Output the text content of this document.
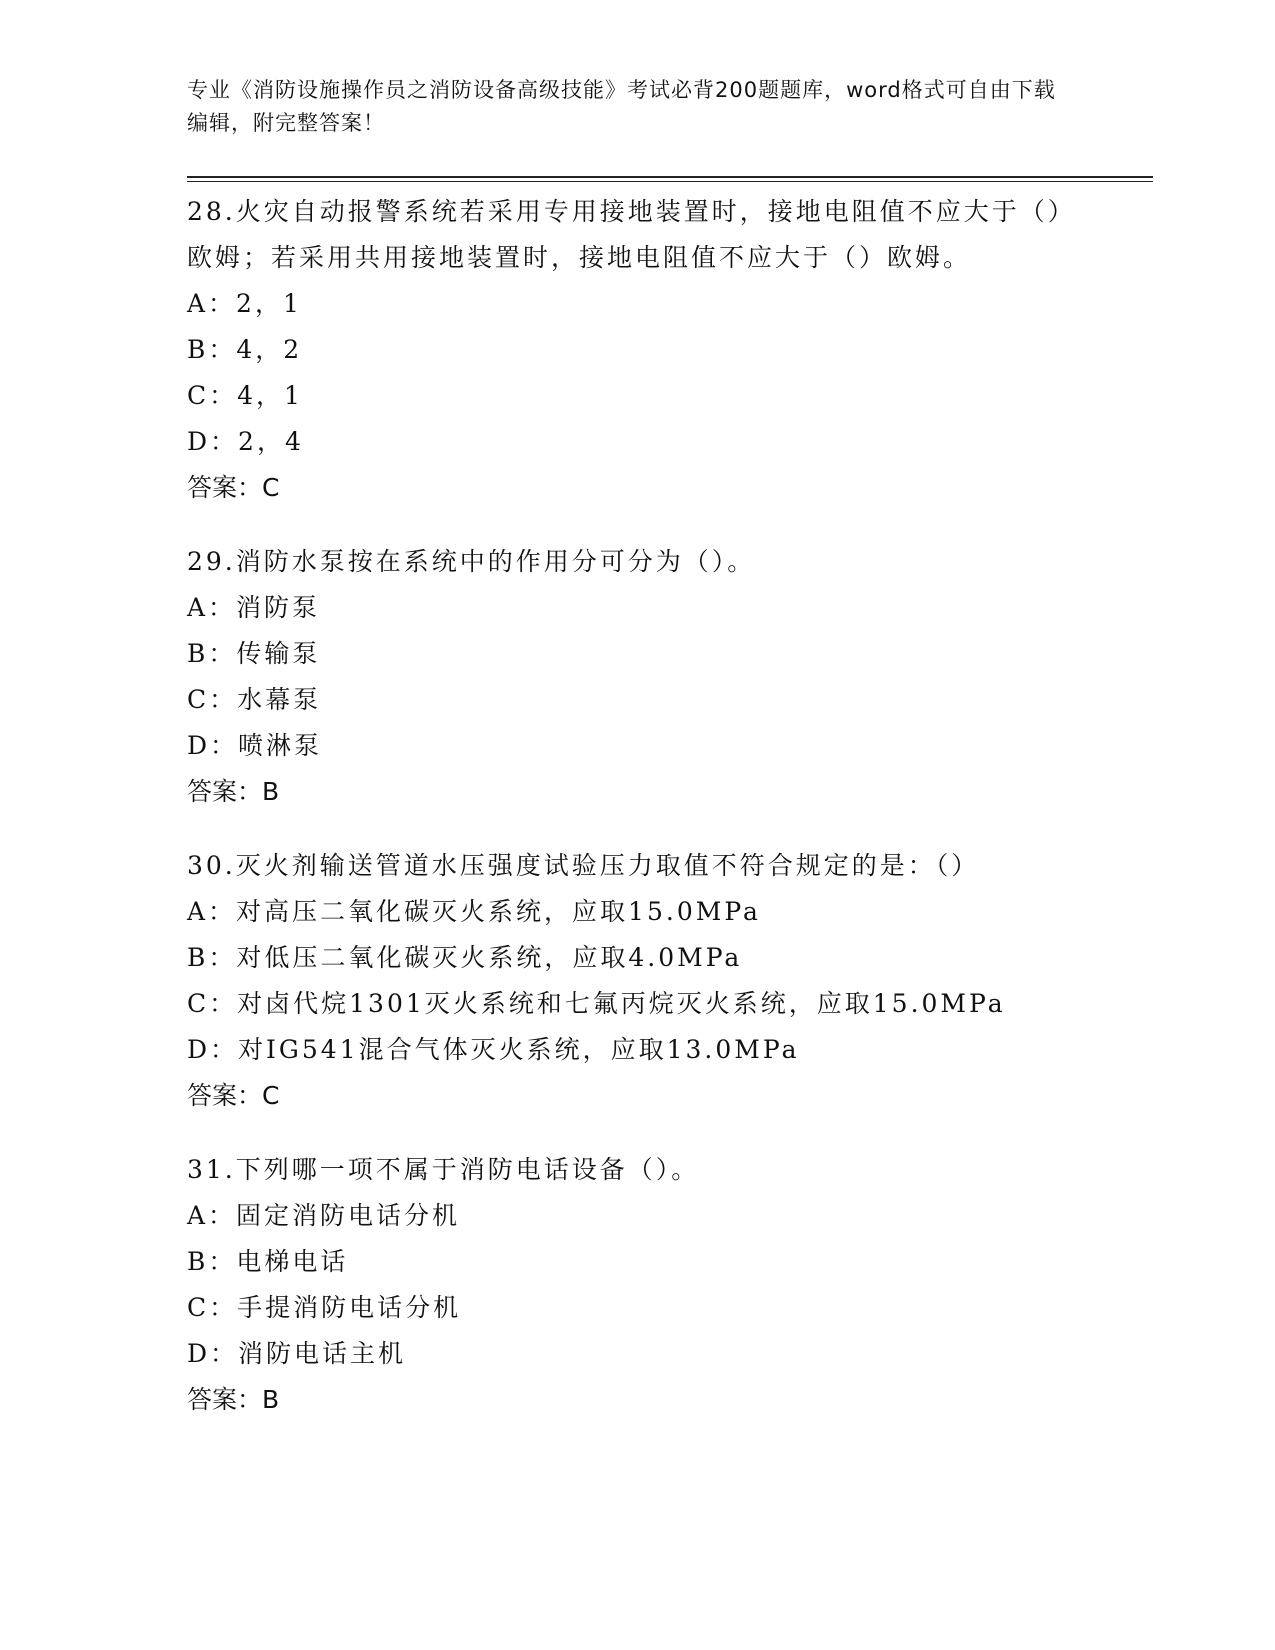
专业《消防设施操作员之消防设备高级技能》考试必背200题题库，word格式可自由下载编辑，附完整答案！

28.火灾自动报警系统若采用专用接地装置时，接地电阻值不应大于（）欧姆；若采用共用接地装置时，接地电阻值不应大于（）欧姆。

A：2，1

B：4，2

C：4，1

D：2，4

答案：C

29.消防水泵按在系统中的作用分可分为（）。

A：消防泵

B：传输泵

C：水幕泵

D：喷淋泵

答案：B

30.灭火剂输送管道水压强度试验压力取值不符合规定的是：（）

A：对高压二氧化碳灭火系统，应取15.0MPa

B：对低压二氧化碳灭火系统，应取4.0MPa

C：对卤代烷1301灭火系统和七氟丙烷灭火系统，应取15.0MPa

D：对IG541混合气体灭火系统，应取13.0MPa

答案：C

31.下列哪一项不属于消防电话设备（）。

A：固定消防电话分机

B：电梯电话

C：手提消防电话分机

D：消防电话主机

答案：B
